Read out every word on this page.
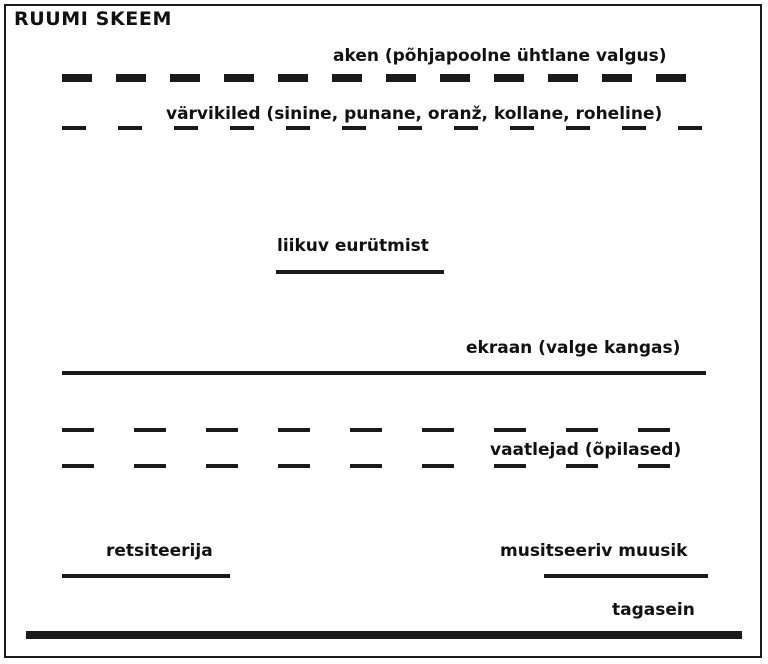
RUUMI SKEEM
aken (põhjapoolne ühtlane valgus)
värvikiled (sinine, punane, oranž, kollane, roheline)
liikuv eurütmist
ekraan (valge kangas)
vaatlejad (õpilased)
retsiteerija	musitseeriv muusik
tagasein
